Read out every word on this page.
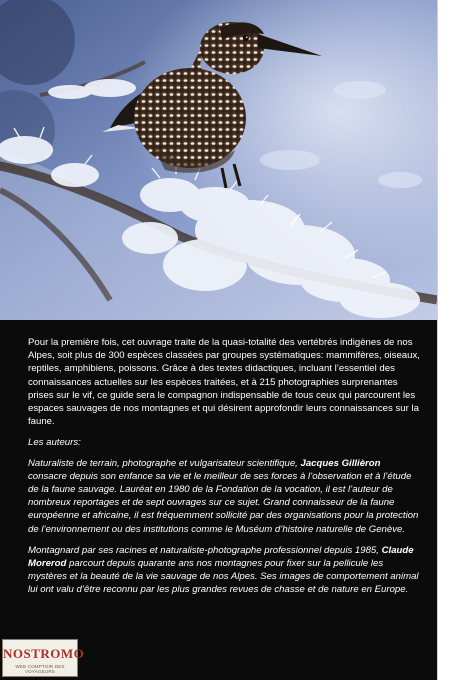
Pour la première fois, cet ouvrage traite de la quasi-totalité des vertébrés indigènes de nos Alpes, soit plus de 300 espèces classées par groupes systématiques: mammifères, oiseaux, reptiles, amphibiens, poissons. Grâce à des textes didactiques, incluant l’essentiel des connaissances actuelles sur les espèces traitées, et à 215 photographies surprenantes prises sur le vif, ce guide sera le compagnon indispensable de tous ceux qui parcourent les espaces sauvages de nos montagnes et qui désirent approfondir leurs connaissances sur la faune.

Les auteurs:

Naturaliste de terrain, photographe et vulgarisateur scientifique, Jacques Gillièron consacre depuis son enfance sa vie et le meilleur de ses forces à l’observation et à l’étude de la faune sauvage. Lauréat en 1980 de la Fondation de la vocation, il est l’auteur de nombreux reportages et de sept ouvrages sur ce sujet. Grand connaisseur de la faune européenne et africaine, il est fréquemment sollicité par des organisations pour la protection de l’environnement ou des institutions comme le Muséum d’histoire naturelle de Genève.

Montagnard par ses racines et naturaliste-photographe professionnel depuis 1985, Claude Morerod parcourt depuis quarante ans nos montagnes pour fixer sur la pellicule les mystères et la beauté de la vie sauvage de nos Alpes. Ses images de comportement animal lui ont valu d’être reconnu par les plus grandes revues de chasse et de nature en Europe.

NOSTROMO
WEB COMPTOIR DES VOYAGEURS
